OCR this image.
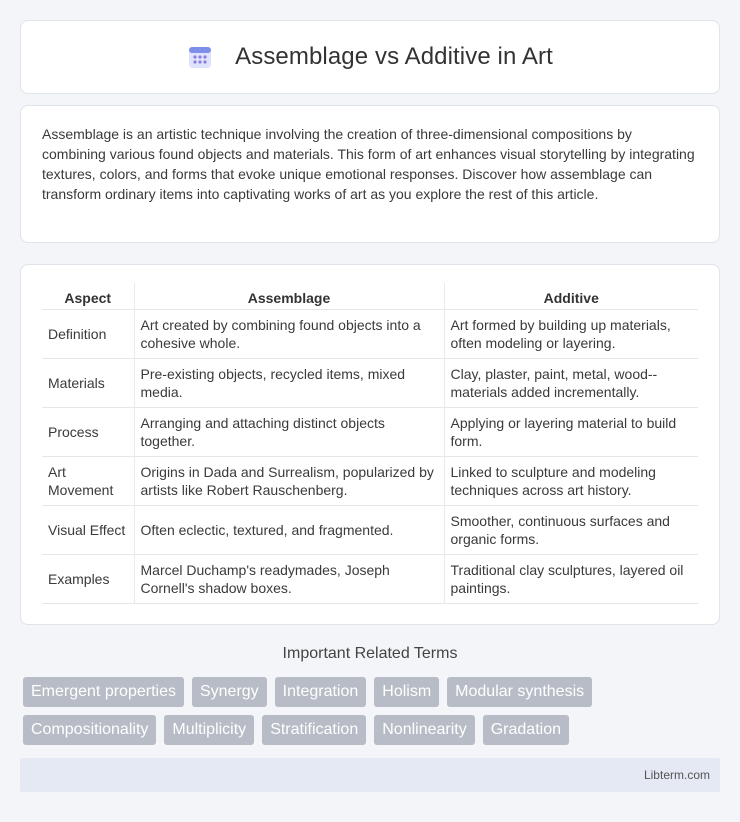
Assemblage vs Additive in Art

Assemblage is an artistic technique involving the creation of three-dimensional compositions by combining various found objects and materials. This form of art enhances visual storytelling by integrating textures, colors, and forms that evoke unique emotional responses. Discover how assemblage can transform ordinary items into captivating works of art as you explore the rest of this article.

Aspect	Assemblage	Additive
Definition	Art created by combining found objects into a cohesive whole.	Art formed by building up materials, often modeling or layering.
Materials	Pre-existing objects, recycled items, mixed media.	Clay, plaster, paint, metal, wood--materials added incrementally.
Process	Arranging and attaching distinct objects together.	Applying or layering material to build form.
Art Movement	Origins in Dada and Surrealism, popularized by artists like Robert Rauschenberg.	Linked to sculpture and modeling techniques across art history.
Visual Effect	Often eclectic, textured, and fragmented.	Smoother, continuous surfaces and organic forms.
Examples	Marcel Duchamp's readymades, Joseph Cornell's shadow boxes.	Traditional clay sculptures, layered oil paintings.
Important Related Terms
Emergent properties	Synergy	Integration	Holism	Modular synthesis
Compositionality	Multiplicity	Stratification	Nonlinearity	Gradation
Libterm.com
